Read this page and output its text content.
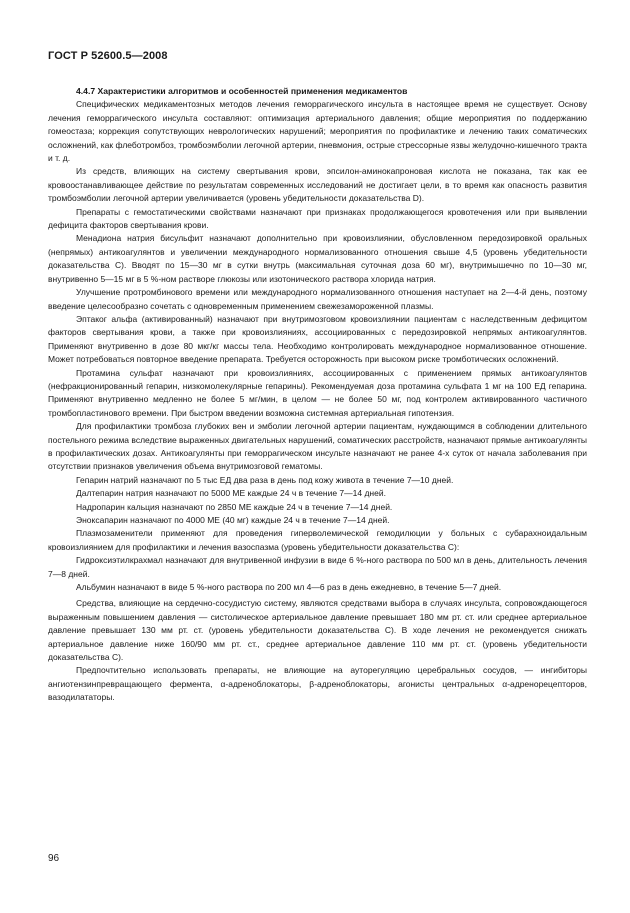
ГОСТ Р 52600.5—2008
4.4.7 Характеристики алгоритмов и особенностей применения медикаментов

Специфических медикаментозных методов лечения геморрагического инсульта в настоящее время не существует. Основу лечения геморрагического инсульта составляют: оптимизация артериального давления; общие мероприятия по поддержанию гомеостаза; коррекция сопутствующих неврологических нарушений; мероприятия по профилактике и лечению таких соматических осложнений, как флеботромбоз, тромбоэмболии легочной артерии, пневмония, острые стрессорные язвы желудочно-кишечного тракта и т. д.

Из средств, влияющих на систему свертывания крови, эпсилон-аминокапроновая кислота не показана, так как ее кровоостанавливающее действие по результатам современных исследований не достигает цели, в то время как опасность развития тромбоэмболии легочной артерии увеличивается (уровень убедительности доказательства D).

Препараты с гемостатическими свойствами назначают при признаках продолжающегося кровотечения или при выявлении дефицита факторов свертывания крови.

Менадиона натрия бисульфит назначают дополнительно при кровоизлиянии, обусловленном передозировкой оральных (непрямых) антикоагулянтов и увеличении международного нормализованного отношения свыше 4,5 (уровень убедительности доказательства С). Вводят по 15—30 мг в сутки внутрь (максимальная суточная доза 60 мг), внутримышечно по 10—30 мг, внутривенно 5—15 мг в 5 %-ном растворе глюкозы или изотонического раствора хлорида натрия.

Улучшение протромбинового времени или международного нормализованного отношения наступает на 2—4-й день, поэтому введение целесообразно сочетать с одновременным применением свежезамороженной плазмы.

Эптаког альфа (активированный) назначают при внутримозговом кровоизлиянии пациентам с наследственным дефицитом факторов свертывания крови, а также при кровоизлияниях, ассоциированных с передозировкой непрямых антикоагулянтов. Применяют внутривенно в дозе 80 мкг/кг массы тела. Необходимо контролировать международное нормализованное отношение. Может потребоваться повторное введение препарата. Требуется осторожность при высоком риске тромботических осложнений.

Протамина сульфат назначают при кровоизлияниях, ассоциированных с применением прямых антикоагулянтов (нефракционированный гепарин, низкомолекулярные гепарины). Рекомендуемая доза протамина сульфата 1 мг на 100 ЕД гепарина. Применяют внутривенно медленно не более 5 мг/мин, в целом — не более 50 мг, под контролем активированного частичного тромбопластинового времени. При быстром введении возможна системная артериальная гипотензия.

Для профилактики тромбоза глубоких вен и эмболии легочной артерии пациентам, нуждающимся в соблюдении длительного постельного режима вследствие выраженных двигательных нарушений, соматических расстройств, назначают прямые антикоагулянты в профилактических дозах. Антикоагулянты при геморрагическом инсульте назначают не ранее 4-х суток от начала заболевания при отсутствии признаков увеличения объема внутримозговой гематомы.

Гепарин натрий назначают по 5 тыс ЕД два раза в день под кожу живота в течение 7—10 дней.

Далтепарин натрия назначают по 5000 МЕ каждые 24 ч в течение 7—14 дней.

Надропарин кальция назначают по 2850 МЕ каждые 24 ч в течение 7—14 дней.

Эноксапарин назначают по 4000 МЕ (40 мг) каждые 24 ч в течение 7—14 дней.

Плазмозаменители применяют для проведения гиперволемической гемодилюции у больных с субарахноидальным кровоизлиянием для профилактики и лечения вазоспазма (уровень убедительности доказательства С):

Гидроксиэтилкрахмал назначают для внутривенной инфузии в виде 6 %-ного раствора по 500 мл в день, длительность лечения 7—8 дней.

Альбумин назначают в виде 5 %-ного раствора по 200 мл 4—6 раз в день ежедневно, в течение 5—7 дней.

Средства, влияющие на сердечно-сосудистую систему, являются средствами выбора в случаях инсульта, сопровождающегося выраженным повышением давления — систолическое артериальное давление превышает 180 мм рт. ст. или среднее артериальное давление превышает 130 мм рт. ст. (уровень убедительности доказательства С). В ходе лечения не рекомендуется снижать артериальное давление ниже 160/90 мм рт. ст., среднее артериальное давление 110 мм рт. ст. (уровень убедительности доказательства С).

Предпочтительно использовать препараты, не влияющие на ауторегуляцию церебральных сосудов, — ингибиторы ангиотензинпревращающего фермента, α-адреноблокаторы, β-адреноблокаторы, агонисты центральных α-адренорецепторов, вазодилататоры.

96
